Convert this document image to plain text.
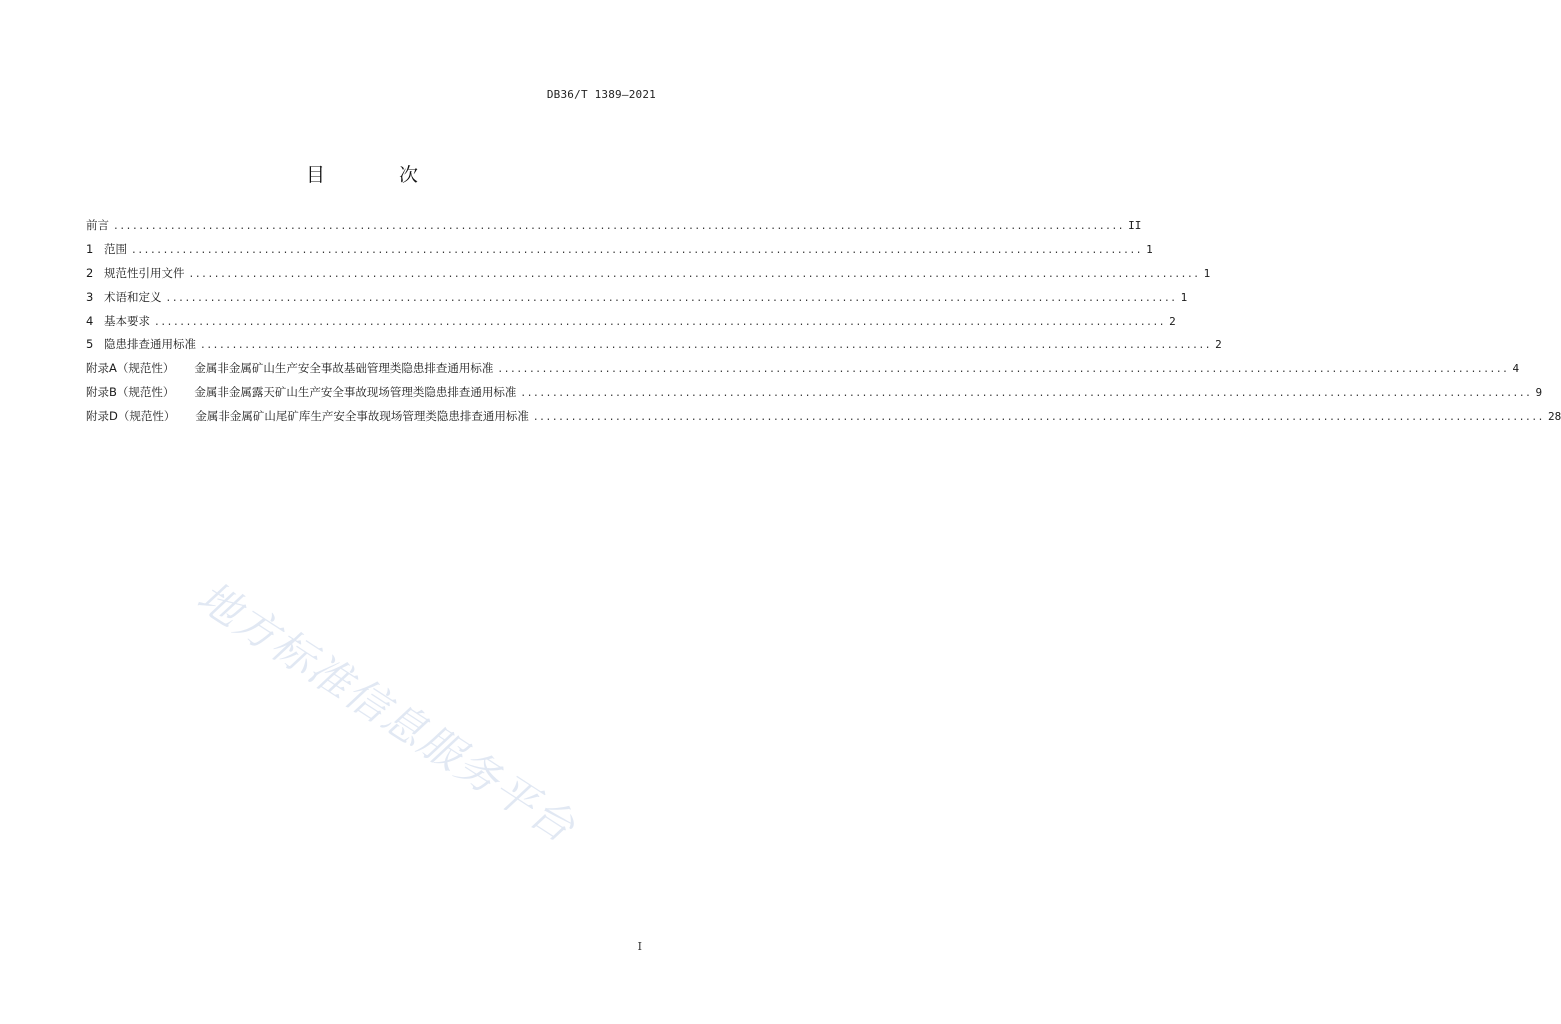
DB36/T 1389—2021
目 次
前言 ................................................................................................................................................................ II
1 范围 ................................................................................................................................................................ 1
2 规范性引用文件 ................................................................................................................................................................ 1
3 术语和定义 ................................................................................................................................................................ 1
4 基本要求 ................................................................................................................................................................ 2
5 隐患排查通用标准 ................................................................................................................................................................ 2
附录A（规范性） 金属非金属矿山生产安全事故基础管理类隐患排查通用标准 ................................................................................................................................................................ 4
附录B（规范性） 金属非金属露天矿山生产安全事故现场管理类隐患排查通用标准 ................................................................................................................................................................ 9
附录D（规范性） 金属非金属矿山尾矿库生产安全事故现场管理类隐患排查通用标准 ................................................................................................................................................................ 28
地方标准信息服务平台
I
